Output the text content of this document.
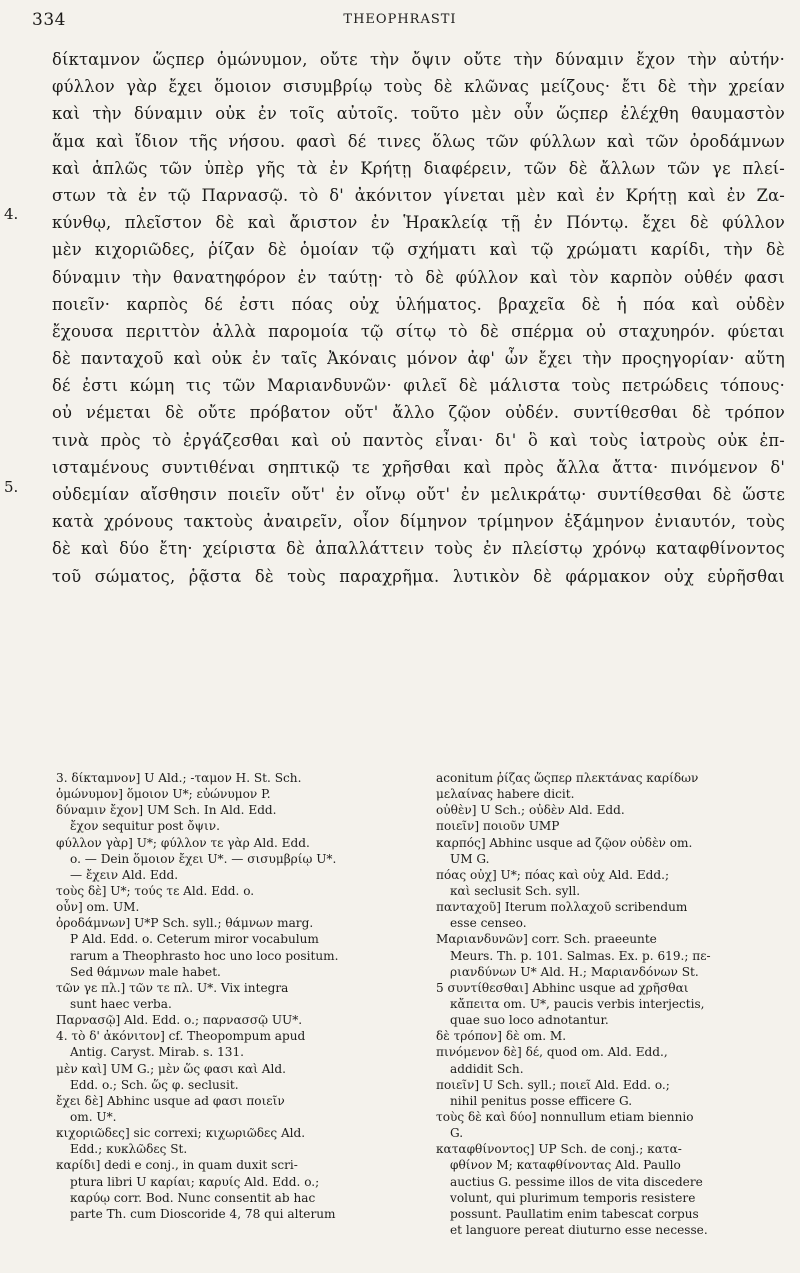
334	THEOPHRASTI
4.
5.
δίκταμνον ὥςπερ ὁμώνυμον, οὔτε τὴν ὄψιν οὔτε τὴν δύναμιν ἔχον τὴν αὐτήν·
φύλλον γὰρ ἔχει ὅμοιον σισυμβρίῳ τοὺς δὲ κλῶνας μείζους· ἔτι δὲ τὴν χρείαν
καὶ τὴν δύναμιν οὐκ ἐν τοῖς αὐτοῖς. τοῦτο μὲν οὖν ὥςπερ ἐλέχθη θαυμαστὸν
ἅμα καὶ ἴδιον τῆς νήσου. φασὶ δέ τινες ὅλως τῶν φύλλων καὶ τῶν ὀροδάμνων
καὶ ἁπλῶς τῶν ὑπὲρ γῆς τὰ ἐν Κρήτῃ διαφέρειν, τῶν δὲ ἄλλων τῶν γε πλεί-
στων τὰ ἐν τῷ Παρνασῷ. τὸ δ' ἀκόνιτον γίνεται μὲν καὶ ἐν Κρήτῃ καὶ ἐν Ζα-
κύνθῳ, πλεῖστον δὲ καὶ ἄριστον ἐν Ἡρακλείᾳ τῇ ἐν Πόντῳ. ἔχει δὲ φύλλον
μὲν κιχοριῶδες, ῥίζαν δὲ ὁμοίαν τῷ σχήματι καὶ τῷ χρώματι καρίδι, τὴν δὲ
δύναμιν τὴν θανατηφόρον ἐν ταύτῃ· τὸ δὲ φύλλον καὶ τὸν καρπὸν οὐθέν φασι
ποιεῖν· καρπὸς δέ ἐστι πόας οὐχ ὑλήματος. βραχεῖα δὲ ἡ πόα καὶ οὐδὲν
ἔχουσα περιττὸν ἀλλὰ παρομοία τῷ σίτῳ τὸ δὲ σπέρμα οὐ σταχυηρόν. φύεται
δὲ πανταχοῦ καὶ οὐκ ἐν ταῖς Ἀκόναις μόνον ἀφ' ὧν ἔχει τὴν προςηγορίαν· αὕτη
δέ ἐστι κώμη τις τῶν Μαριανδυνῶν· φιλεῖ δὲ μάλιστα τοὺς πετρώδεις τόπους·
οὐ νέμεται δὲ οὔτε πρόβατον οὔτ' ἄλλο ζῷον οὐδέν. συντίθεσθαι δὲ τρόπον
τινὰ πρὸς τὸ ἐργάζεσθαι καὶ οὐ παντὸς εἶναι· δι' ὃ καὶ τοὺς ἰατροὺς οὐκ ἐπ-
ισταμένους συντιθέναι σηπτικῷ τε χρῆσθαι καὶ πρὸς ἄλλα ἄττα· πινόμενον δ'
οὐδεμίαν αἴσθησιν ποιεῖν οὔτ' ἐν οἴνῳ οὔτ' ἐν μελικράτῳ· συντίθεσθαι δὲ ὥστε
κατὰ χρόνους τακτοὺς ἀναιρεῖν, οἷον δίμηνον τρίμηνον ἑξάμηνον ἐνιαυτόν, τοὺς
δὲ καὶ δύο ἔτη· χείριστα δὲ ἀπαλλάττειν τοὺς ἐν πλείστῳ χρόνῳ καταφθίνοντος
τοῦ σώματος, ῥᾷστα δὲ τοὺς παραχρῆμα. λυτικὸν δὲ φάρμακον οὐχ εὑρῆσθαι
3. δίκταμνον] U Ald.; -ταμον H. St. Sch.
ὁμώνυμον] ὅμοιον U*; εὐώνυμον P.
δύναμιν ἔχον] UM Sch. In Ald. Edd.
ἔχον sequitur post ὄψιν.
φύλλον γὰρ] U*; φύλλον τε γὰρ Ald. Edd.
o. — Dein ὅμοιον ἔχει U*. — σισυμβρίῳ U*.
— ἔχειν Ald. Edd.
τοὺς δὲ] U*; τούς τε Ald. Edd. o.
οὖν] om. UM.
ὀροδάμνων] U*P Sch. syll.; θάμνων marg.
P Ald. Edd. o. Ceterum miror vocabulum
rarum a Theophrasto hoc uno loco positum.
Sed θάμνων male habet.
τῶν γε πλ.] τῶν τε πλ. U*. Vix integra
sunt haec verba.
Παρνασῷ] Ald. Edd. o.; παρνασσῷ UU*.
4. τὸ δ' ἀκόνιτον] cf. Theopompum apud
Antig. Caryst. Mirab. s. 131.
μὲν καὶ] UM G.; μὲν ὥς φασι καὶ Ald.
Edd. o.; Sch. ὥς φ. seclusit.
ἔχει δὲ] Abhinc usque ad φασι ποιεῖν
om. U*.
κιχοριῶδες] sic correxi; κιχωριῶδες Ald.
Edd.; κυκλῶδες St.
καρίδι] dedi e conj., in quam duxit scri-
ptura libri U καρίαι; καρυίς Ald. Edd. o.;
καρύῳ corr. Bod. Nunc consentit ab hac
parte Th. cum Dioscoride 4, 78 qui alterum
aconitum ῥίζας ὥςπερ πλεκτάνας καρίδων
μελαίνας habere dicit.
οὐθὲν] U Sch.; οὐδὲν Ald. Edd.
ποιεῖν] ποιοῦν UMP
καρπός] Abhinc usque ad ζῷον οὐδὲν om.
UM G.
πόας οὐχ] U*; πόας καὶ οὐχ Ald. Edd.;
καὶ seclusit Sch. syll.
πανταχοῦ] Iterum πολλαχοῦ scribendum
esse censeo.
Μαριανδυνῶν] corr. Sch. praeeunte
Meurs. Th. p. 101. Salmas. Ex. p. 619.; πε-
ριανδύνων U* Ald. H.; Μαριανδόνων St.
5 συντίθεσθαι] Abhinc usque ad χρῆσθαι
κἄπειτα om. U*, paucis verbis interjectis,
quae suo loco adnotantur.
δὲ τρόπον] δὲ om. M.
πινόμενον δὲ] δέ, quod om. Ald. Edd.,
addidit Sch.
ποιεῖν] U Sch. syll.; ποιεῖ Ald. Edd. o.;
nihil penitus posse efficere G.
τοὺς δὲ καὶ δύο] nonnullum etiam biennio
G.
καταφθίνοντος] UP Sch. de conj.; κατα-
φθίνον M; καταφθίνοντας Ald. Paullo
auctius G. pessime illos de vita discedere
volunt, qui plurimum temporis resistere
possunt. Paullatim enim tabescat corpus
et languore pereat diuturno esse necesse.
